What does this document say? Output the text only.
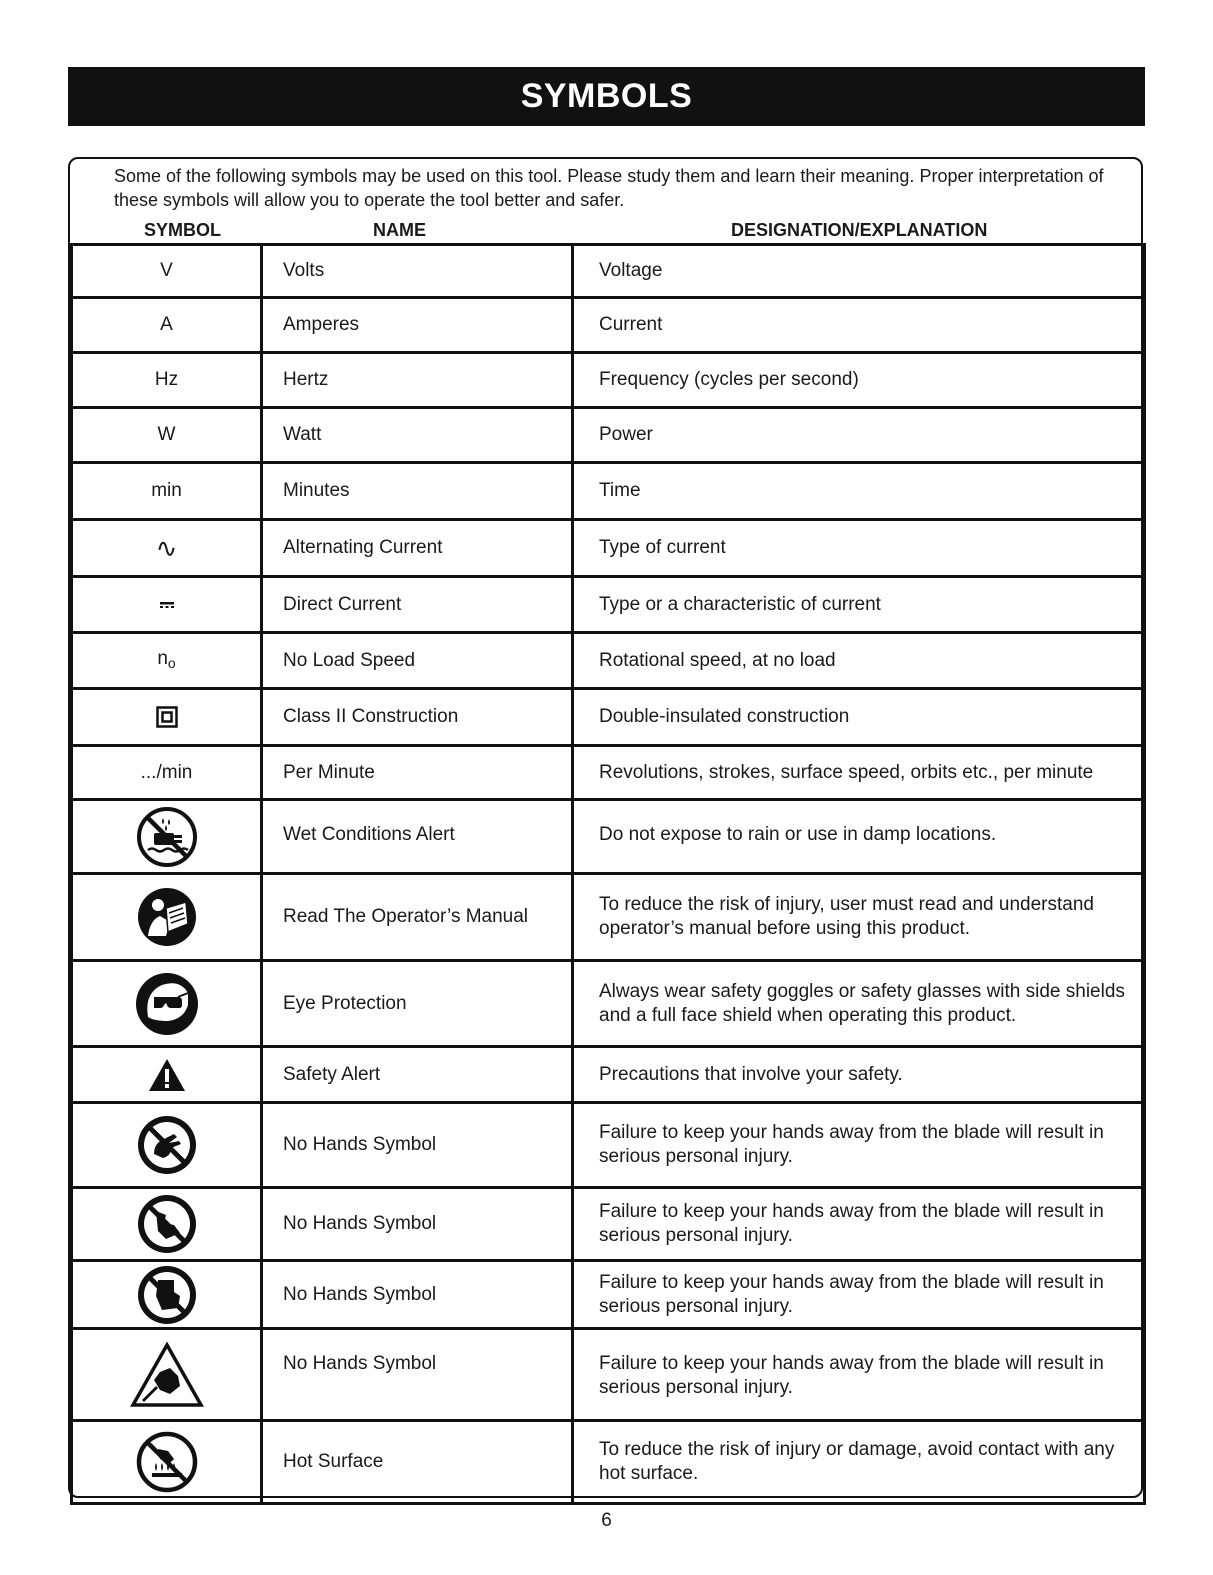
SYMBOLS
Some of the following symbols may be used on this tool. Please study them and learn their meaning. Proper interpretation of these symbols will allow you to operate the tool better and safer.
SYMBOL	NAME	DESIGNATION/EXPLANATION
V	Volts	Voltage
A	Amperes	Current
Hz	Hertz	Frequency (cycles per second)
W	Watt	Power
min	Minutes	Time
∿	Alternating Current	Type of current

	Direct Current	Type or a characteristic of current
$n_o$	No Load Speed	Rotational speed, at no load

	Class II Construction	Double-insulated construction
.../min	Per Minute	Revolutions, strokes, surface speed, orbits etc., per minute

	Wet Conditions Alert	Do not expose to rain or use in damp locations.

	Read The Operator’s Manual	To reduce the risk of injury, user must read and understand operator’s manual before using this product.

	Eye Protection	Always wear safety goggles or safety glasses with side shields and a full face shield when operating this product.

	Safety Alert	Precautions that involve your safety.

	No Hands Symbol	Failure to keep your hands away from the blade will result in serious personal injury.

	No Hands Symbol	Failure to keep your hands away from the blade will result in serious personal injury.

	No Hands Symbol	Failure to keep your hands away from the blade will result in serious personal injury.

	No Hands Symbol	Failure to keep your hands away from the blade will result in serious personal injury.

	Hot Surface	To reduce the risk of injury or damage, avoid contact with any hot surface.
6
